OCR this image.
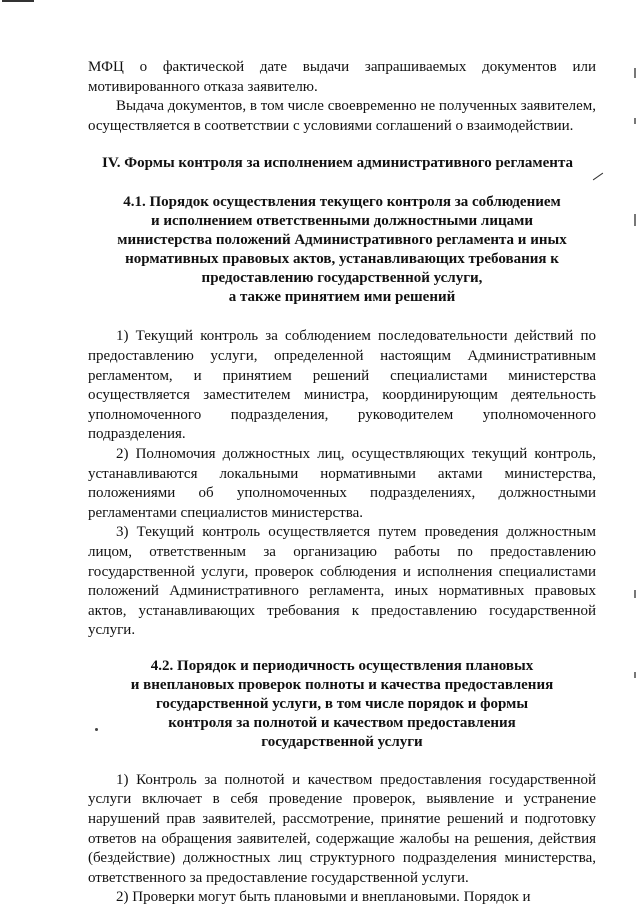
МФЦ о фактической дате выдачи запрашиваемых документов или мотивированного отказа заявителю.

Выдача документов, в том числе своевременно не полученных заявителем, осуществляется в соответствии с условиями соглашений о взаимодействии.

IV. Формы контроля за исполнением административного регламента

4.1. Порядок осуществления текущего контроля за соблюдением

и исполнением ответственными должностными лицами

министерства положений Административного регламента и иных

нормативных правовых актов, устанавливающих требования к

предоставлению государственной услуги,

а также принятием ими решений

1) Текущий контроль за соблюдением последовательности действий по предоставлению услуги, определенной настоящим Административным регламентом, и принятием решений специалистами министерства осуществляется заместителем министра, координирующим деятельность уполномоченного подразделения, руководителем уполномоченного подразделения.

2) Полномочия должностных лиц, осуществляющих текущий контроль, устанавливаются локальными нормативными актами министерства, положениями об уполномоченных подразделениях, должностными регламентами специалистов министерства.

3) Текущий контроль осуществляется путем проведения должностным лицом, ответственным за организацию работы по предоставлению государственной услуги, проверок соблюдения и исполнения специалистами положений Административного регламента, иных нормативных правовых актов, устанавливающих требования к предоставлению государственной услуги.

4.2. Порядок и периодичность осуществления плановых

и внеплановых проверок полноты и качества предоставления

государственной услуги, в том числе порядок и формы

контроля за полнотой и качеством предоставления

государственной услуги

1) Контроль за полнотой и качеством предоставления государственной услуги включает в себя проведение проверок, выявление и устранение нарушений прав заявителей, рассмотрение, принятие решений и подготовку ответов на обращения заявителей, содержащие жалобы на решения, действия (бездействие) должностных лиц структурного подразделения министерства, ответственного за предоставление государственной услуги.

2) Проверки могут быть плановыми и внеплановыми. Порядок и
